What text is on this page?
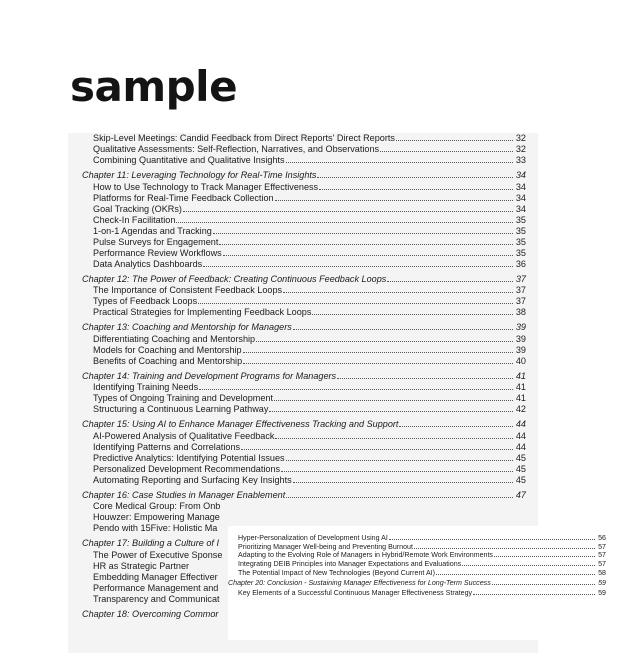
sample
Skip-Level Meetings: Candid Feedback from Direct Reports' Direct Reports	32
Qualitative Assessments: Self-Reflection, Narratives, and Observations	32
Combining Quantitative and Qualitative Insights	33
Chapter 11: Leveraging Technology for Real-Time Insights	34
How to Use Technology to Track Manager Effectiveness	34
Platforms for Real-Time Feedback Collection	34
Goal Tracking (OKRs)	34
Check-In Facilitation	35
1-on-1 Agendas and Tracking	35
Pulse Surveys for Engagement	35
Performance Review Workflows	35
Data Analytics Dashboards	36
Chapter 12: The Power of Feedback: Creating Continuous Feedback Loops	37
The Importance of Consistent Feedback Loops	37
Types of Feedback Loops	37
Practical Strategies for Implementing Feedback Loops	38
Chapter 13: Coaching and Mentorship for Managers	39
Differentiating Coaching and Mentorship	39
Models for Coaching and Mentorship	39
Benefits of Coaching and Mentorship	40
Chapter 14: Training and Development Programs for Managers	41
Identifying Training Needs	41
Types of Ongoing Training and Development	41
Structuring a Continuous Learning Pathway	42
Chapter 15: Using AI to Enhance Manager Effectiveness Tracking and Support	44
AI-Powered Analysis of Qualitative Feedback	44
Identifying Patterns and Correlations	44
Predictive Analytics: Identifying Potential Issues	45
Personalized Development Recommendations	45
Automating Reporting and Surfacing Key Insights	45
Chapter 16: Case Studies in Manager Enablement	47
Core Medical Group: From Onb
Houwzer: Empowering Manage
Pendo with 15Five: Holistic Ma
Chapter 17: Building a Culture of I
The Power of Executive Sponse
HR as Strategic Partner
Embedding Manager Effectiver
Performance Management and
Transparency and Communicat
Chapter 18: Overcoming Commor
Hyper-Personalization of Development Using AI	56
Prioritizing Manager Well-being and Preventing Burnout	57
Adapting to the Evolving Role of Managers in Hybrid/Remote Work Environments	57
Integrating DEIB Principles into Manager Expectations and Evaluations	57
The Potential Impact of New Technologies (Beyond Current AI)	58
Chapter 20: Conclusion - Sustaining Manager Effectiveness for Long-Term Success	59
Key Elements of a Successful Continuous Manager Effectiveness Strategy	59
